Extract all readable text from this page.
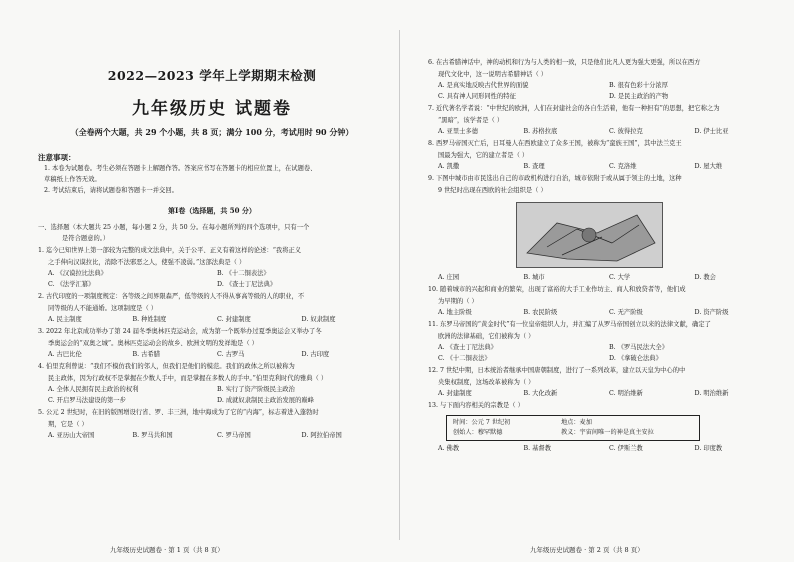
2022—2023 学年上学期期末检测
九年级历史 试题卷
（全卷两个大题，共 29 个小题，共 8 页；满分 100 分，考试用时 90 分钟）
注意事项：
1. 本卷为试题卷。考生必须在答题卡上解题作答。答案应书写在答题卡的相应位置上，在试题卷、
草稿纸上作答无效。
2. 考试结束后，请将试题卷和答题卡一并交回。
第Ⅰ卷（选择题，共 50 分）
一、选择题（本大题共 25 小题，每小题 2 分，共 50 分。在每小题所列的四个选项中，只有一个
是符合题意的。）
1. 迄今已知世界上第一部较为完整的成文法典中，关于公平、正义有着这样的论述：“我将正义
之手伸向汉谟拉比，消除不法邪恶之人，使强不凌弱。”这部法典是（ ）
A. 《汉谟拉比法典》	B. 《十二铜表法》
C. 《法学汇纂》	D. 《查士丁尼法典》
2. 古代印度的一项制度规定：各等级之间界限森严，低等级的人不得从事高等级的人的职业，不
同等级的人不能通婚。这项制度是（ ）
A. 民主制度	B. 种姓制度	C. 封建制度	D. 奴隶制度
3. 2022 年北京成功举办了第 24 届冬季奥林匹克运动会，成为第一个既举办过夏季奥运会又举办了冬
季奥运会的“双奥之城”。奥林匹克运动会的故乡、欧洲文明的发祥地是（ ）
A. 古巴比伦	B. 古希腊	C. 古罗马	D. 古印度
4. 伯里克利曾说：“我们不模仿我们的邻人，但我们是他们的模范。我们的政体之所以被称为
民主政体，因为行政权不是掌握在少数人手中，而是掌握在多数人的手中。”伯里克利时代的雅典（ ）
A. 全体人民拥有民主政治的权利	B. 实行了资产阶级民主政治
C. 开启罗马法建设的第一步	D. 成就奴隶制民主政治发展的巅峰
5. 公元 2 世纪时，在旧的版图增设行省、罗、丰三洲，地中海成为了它的“内海”，标志着进入蓬勃时
期，它是（ ）
A. 亚历山大帝国	B. 罗马共和国	C. 罗马帝国	D. 阿拉伯帝国
九年级历史试题卷 · 第 1 页（共 8 页）
6. 在古希腊神话中，神的动机和行为与人类的相一致，只是他们比凡人更为强大更强，所以在西方
现代文化中，这一说明古希腊神话（ ）
A. 是真实地反映古代世界的面貌	B. 很有色彩十分浓厚
C. 具有神人同形同性的特征	D. 是民主政治的产物
7. 近代著名学者说：“中世纪的欧洲，人们在封建社会的各自生活着，他有一种担有”的思想，把它称之为
“黑暗”，该学者是（ ）
A. 亚里士多德	B. 苏格拉底	C. 彼得拉克	D. 伊士比亚
8. 西罗马帝国灭亡后，日耳曼人在西欧建立了众多王国，被称为“蛮族王国”，其中法兰克王
国最为强大，它的建立者是（ ）
A. 凯撒	B. 查理	C. 克洛维	D. 屋大维
9. 下图中城市由市民选出自己的市政机构进行自治，城市依附于或从属于领主的土地，这种
9 世纪时出现在西欧的社会组织是（ ）
A. 庄园	B. 城市	C. 大学	D. 教会
10. 随着城市的兴起和商业的繁荣，出现了富裕的大手工业作坊主、商人和放贷者等，他们成
为早期的（ ）
A. 地主阶级	B. 农民阶级	C. 无产阶级	D. 资产阶级
11. 东罗马帝国的“黄金时代”有一位皇帝组织人力，并汇编了从罗马帝国创立以来的法律文献，确定了
欧洲的法律基础，它们被称为（ ）
A. 《查士丁尼法典》	B. 《罗马民法大全》
C. 《十二铜表法》	D. 《拿破仑法典》
12. 7 世纪中期，日本统治者继承中国唐朝制度，进行了一系列改革，建立以天皇为中心的中
央集权制度，这场改革被称为（ ）
A. 封建制度	B. 大化改新	C. 明治维新	D. 明治维新
13. 与下面内容相关的宗教是（ ）
时间：公元 7 世纪初	地点：麦加
创始人：穆罕默德	教义：宇宙间唯一的神是真主安拉
A. 佛教	B. 基督教	C. 伊斯兰教	D. 印度教
九年级历史试题卷 · 第 2 页（共 8 页）
